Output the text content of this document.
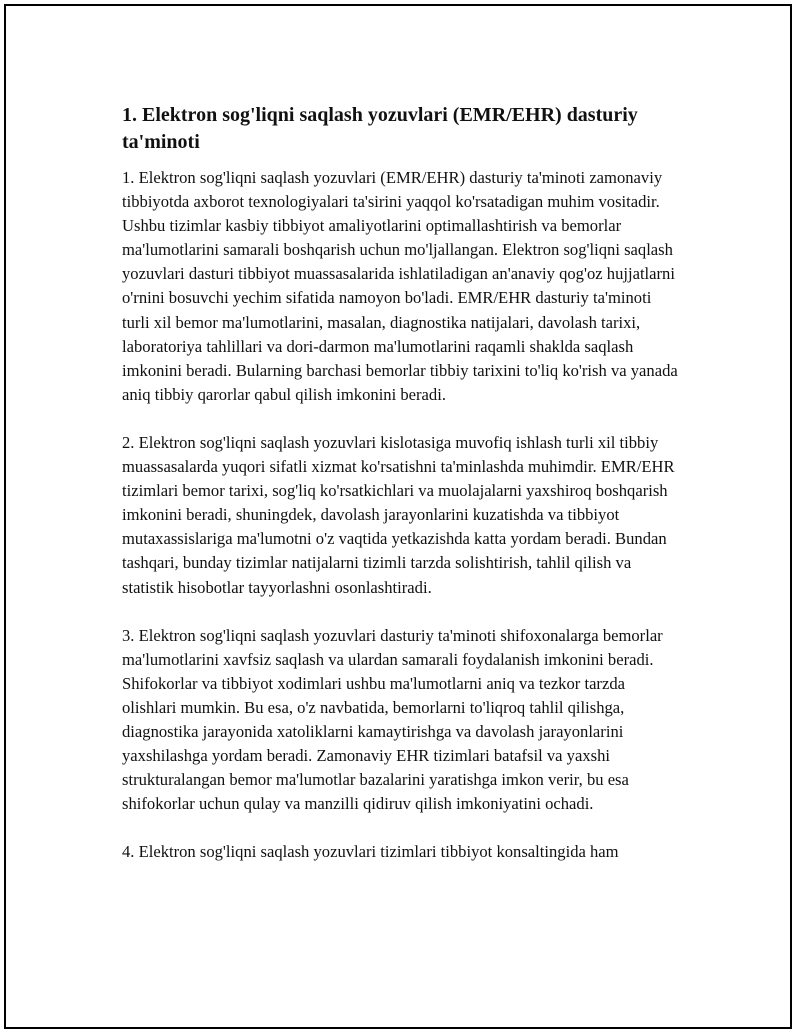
1. Elektron sog'liqni saqlash yozuvlari (EMR/EHR) dasturiy ta'minoti

1. Elektron sog'liqni saqlash yozuvlari (EMR/EHR) dasturiy ta'minoti zamonaviy tibbiyotda axborot texnologiyalari ta'sirini yaqqol ko'rsatadigan muhim vositadir. Ushbu tizimlar kasbiy tibbiyot amaliyotlarini optimallashtirish va bemorlar ma'lumotlarini samarali boshqarish uchun mo'ljallangan. Elektron sog'liqni saqlash yozuvlari dasturi tibbiyot muassasalarida ishlatiladigan an'anaviy qog'oz hujjatlarni o'rnini bosuvchi yechim sifatida namoyon bo'ladi. EMR/EHR dasturiy ta'minoti turli xil bemor ma'lumotlarini, masalan, diagnostika natijalari, davolash tarixi, laboratoriya tahlillari va dori-darmon ma'lumotlarini raqamli shaklda saqlash imkonini beradi. Bularning barchasi bemorlar tibbiy tarixini to'liq ko'rish va yanada aniq tibbiy qarorlar qabul qilish imkonini beradi.

2. Elektron sog'liqni saqlash yozuvlari kislotasiga muvofiq ishlash turli xil tibbiy muassasalarda yuqori sifatli xizmat ko'rsatishni ta'minlashda muhimdir. EMR/EHR tizimlari bemor tarixi, sog'liq ko'rsatkichlari va muolajalarni yaxshiroq boshqarish imkonini beradi, shuningdek, davolash jarayonlarini kuzatishda va tibbiyot mutaxassislariga ma'lumotni o'z vaqtida yetkazishda katta yordam beradi. Bundan tashqari, bunday tizimlar natijalarni tizimli tarzda solishtirish, tahlil qilish va statistik hisobotlar tayyorlashni osonlashtiradi.

3. Elektron sog'liqni saqlash yozuvlari dasturiy ta'minoti shifoxonalarga bemorlar ma'lumotlarini xavfsiz saqlash va ulardan samarali foydalanish imkonini beradi. Shifokorlar va tibbiyot xodimlari ushbu ma'lumotlarni aniq va tezkor tarzda olishlari mumkin. Bu esa, o'z navbatida, bemorlarni to'liqroq tahlil qilishga, diagnostika jarayonida xatoliklarni kamaytirishga va davolash jarayonlarini yaxshilashga yordam beradi. Zamonaviy EHR tizimlari batafsil va yaxshi strukturalangan bemor ma'lumotlar bazalarini yaratishga imkon verir, bu esa shifokorlar uchun qulay va manzilli qidiruv qilish imkoniyatini ochadi.

4. Elektron sog'liqni saqlash yozuvlari tizimlari tibbiyot konsaltingida ham
